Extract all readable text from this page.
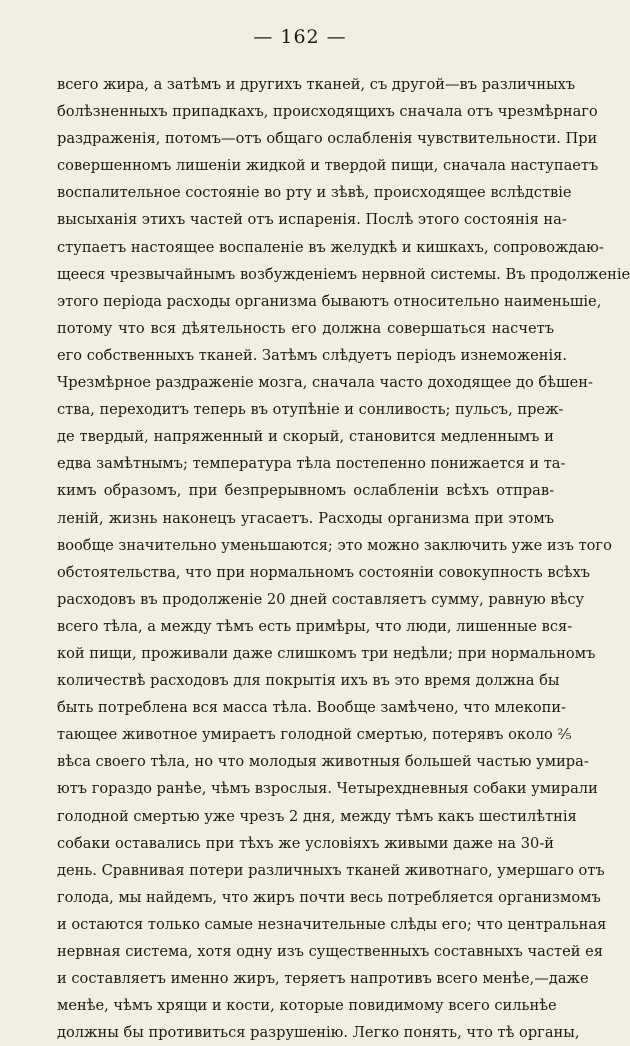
— 162 —
всего жира, а затѣмъ и другихъ тканей, съ другой—въ различныхъ
болѣзненныхъ припадкахъ, происходящихъ сначала отъ чрезмѣрнаго
раздраженія, потомъ—отъ общаго ослабленія чувствительности. При
совершенномъ лишеніи жидкой и твердой пищи, сначала наступаетъ
воспалительное состояніе во рту и зѣвѣ, происходящее вслѣдствіе
высыханія этихъ частей отъ испаренія. Послѣ этого состоянія на-
ступаетъ настоящее воспаленіе въ желудкѣ и кишкахъ, сопровождаю-
щееся чрезвычайнымъ возбужденіемъ нервной системы. Въ продолженіе
этого періода расходы организма бываютъ относительно наименьшіе,
потому что вся дѣятельность его должна совершаться насчетъ
его собственныхъ тканей. Затѣмъ слѣдуетъ періодъ изнеможенія.
Чрезмѣрное раздраженіе мозга, сначала часто доходящее до бѣшен-
ства, переходитъ теперь въ отупѣніе и сонливость; пульсъ, преж-
де твердый, напряженный и скорый, становится медленнымъ и
едва замѣтнымъ; температура тѣла постепенно понижается и та-
кимъ образомъ, при безпрерывномъ ослабленіи всѣхъ отправ-
леній, жизнь наконецъ угасаетъ. Расходы организма при этомъ
вообще значительно уменьшаются; это можно заключить уже изъ того
обстоятельства, что при нормальномъ состояніи совокупность всѣхъ
расходовъ въ продолженіе 20 дней составляетъ сумму, равную вѣсу
всего тѣла, а между тѣмъ есть примѣры, что люди, лишенные вся-
кой пищи, проживали даже слишкомъ три недѣли; при нормальномъ
количествѣ расходовъ для покрытія ихъ въ это время должна бы
быть потреблена вся масса тѣла. Вообще замѣчено, что млекопи-
тающее животное умираетъ голодной смертью, потерявъ около ²⁄₅
вѣса своего тѣла, но что молодыя животныя большей частью умира-
ютъ гораздо ранѣе, чѣмъ взрослыя. Четырехдневныя собаки умирали
голодной смертью уже чрезъ 2 дня, между тѣмъ какъ шестилѣтнія
собаки оставались при тѣхъ же условіяхъ живыми даже на 30-й
день. Сравнивая потери различныхъ тканей животнаго, умершаго отъ
голода, мы найдемъ, что жиръ почти весь потребляется организмомъ
и остаются только самые незначительные слѣды его; что центральная
нервная система, хотя одну изъ существенныхъ составныхъ частей ея
и составляетъ именно жиръ, теряетъ напротивъ всего менѣе,—даже
менѣе, чѣмъ хрящи и кости, которые повидимому всего сильнѣе
должны бы противиться разрушенію. Легко понять, что тѣ органы,
